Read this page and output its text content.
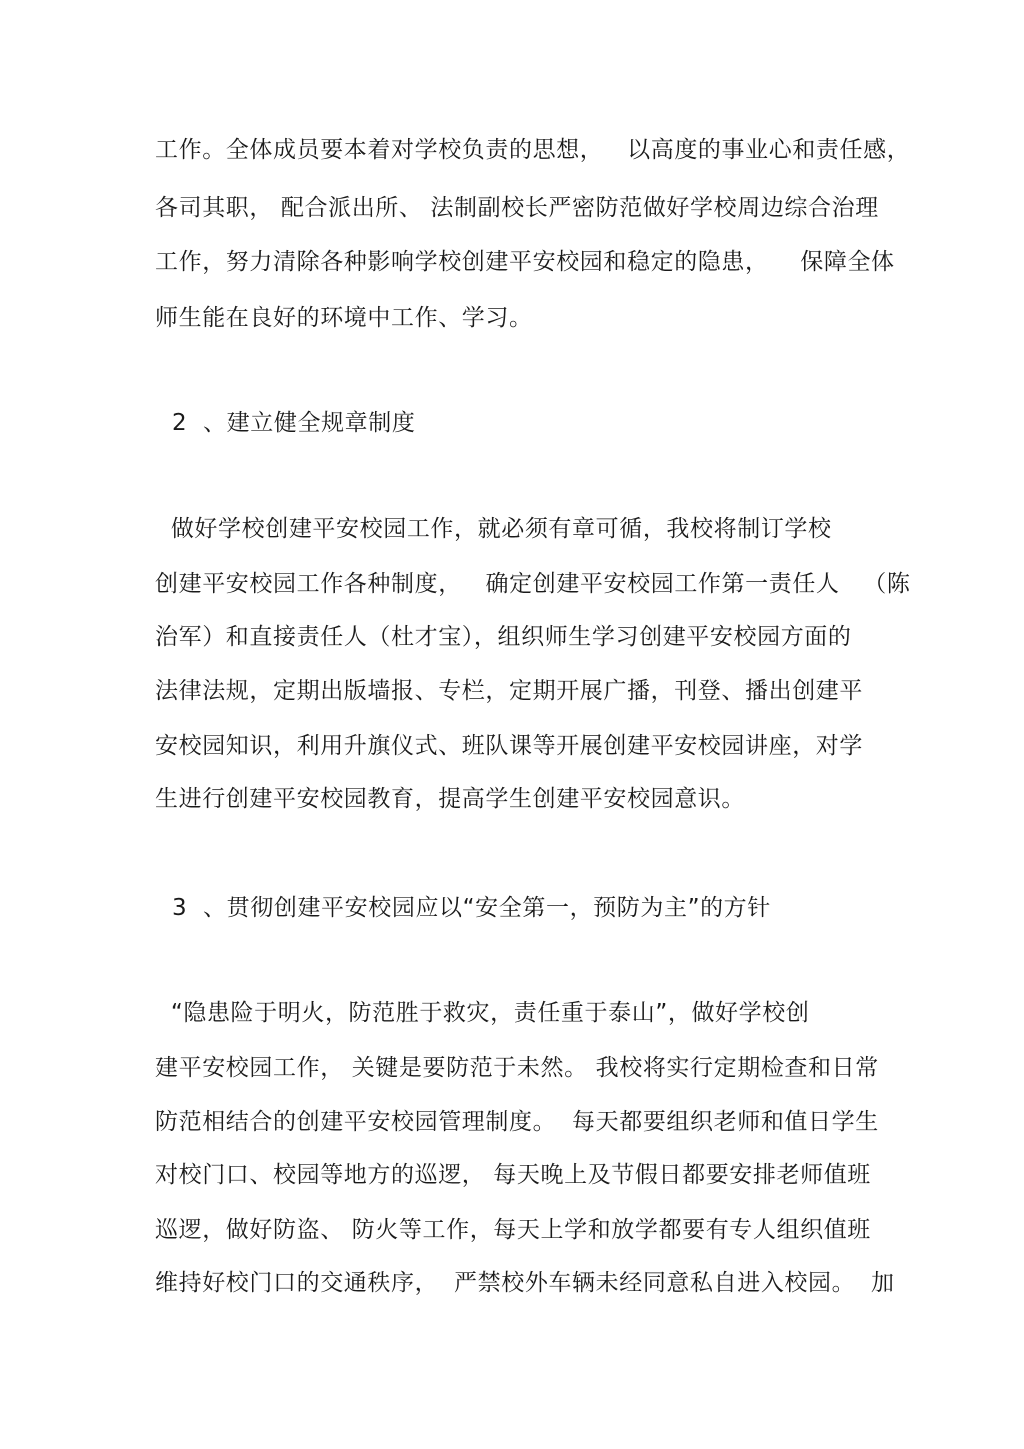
工作。全体成员要本着对学校负责的思想，   以高度的事业心和责任感，
各司其职， 配合派出所、 法制副校长严密防范做好学校周边综合治理
工作，努力清除各种影响学校创建平安校园和稳定的隐患，    保障全体
师生能在良好的环境中工作、学习。
2  、建立健全规章制度
做好学校创建平安校园工作，就必须有章可循，我校将制订学校
创建平安校园工作各种制度，   确定创建平安校园工作第一责任人   （陈
治军）和直接责任人（杜才宝），组织师生学习创建平安校园方面的
法律法规，定期出版墙报、专栏，定期开展广播，刊登、播出创建平
安校园知识，利用升旗仪式、班队课等开展创建平安校园讲座，对学
生进行创建平安校园教育，提高学生创建平安校园意识。
3  、贯彻创建平安校园应以“安全第一，预防为主”的方针
“隐患险于明火，防范胜于救灾，责任重于泰山”，做好学校创
建平安校园工作， 关键是要防范于未然。 我校将实行定期检查和日常
防范相结合的创建平安校园管理制度。  每天都要组织老师和值日学生
对校门口、校园等地方的巡逻， 每天晚上及节假日都要安排老师值班
巡逻，做好防盗、 防火等工作，每天上学和放学都要有专人组织值班
维持好校门口的交通秩序，  严禁校外车辆未经同意私自进入校园。  加
